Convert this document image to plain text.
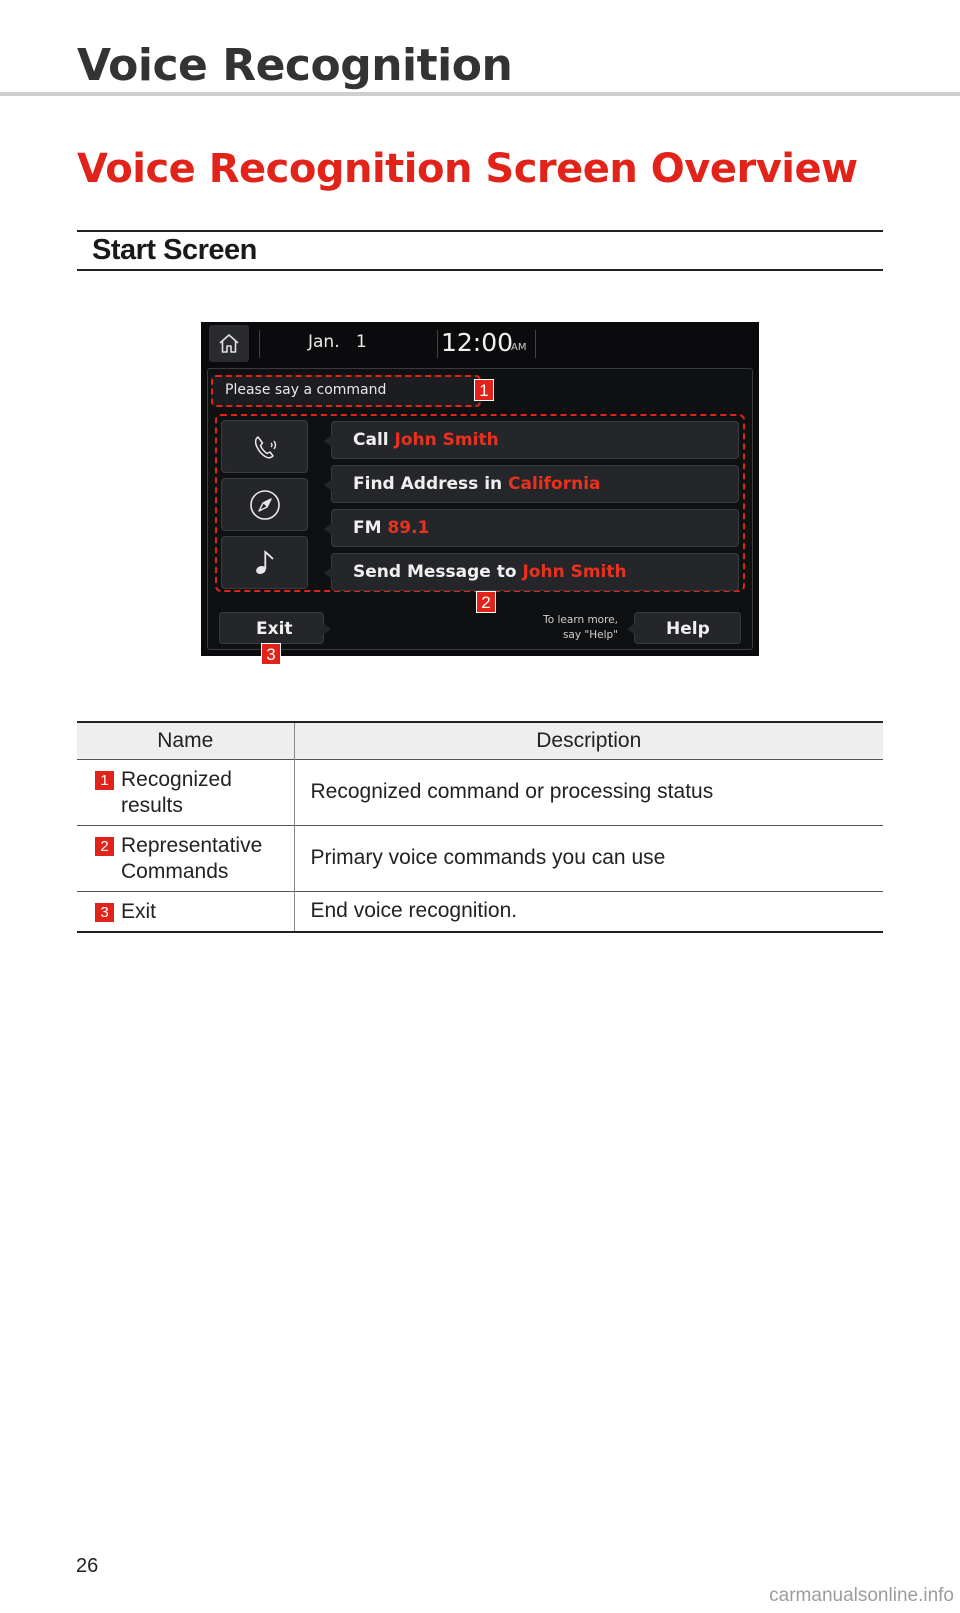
Voice Recognition
Voice Recognition Screen Overview
Start Screen
Jan.   1	12:00
AM
Please say a command
Call John Smith
Find Address in California
FM 89.1
Send Message to John Smith
Exit	To learn more,
say "Help"	Help
1
2
3
Name	Description

1 Recognized
results	Recognized command or processing status

2 Representative
Commands	Primary voice commands you can use

3 Exit	End voice recognition.
26
carmanualsonline.info
